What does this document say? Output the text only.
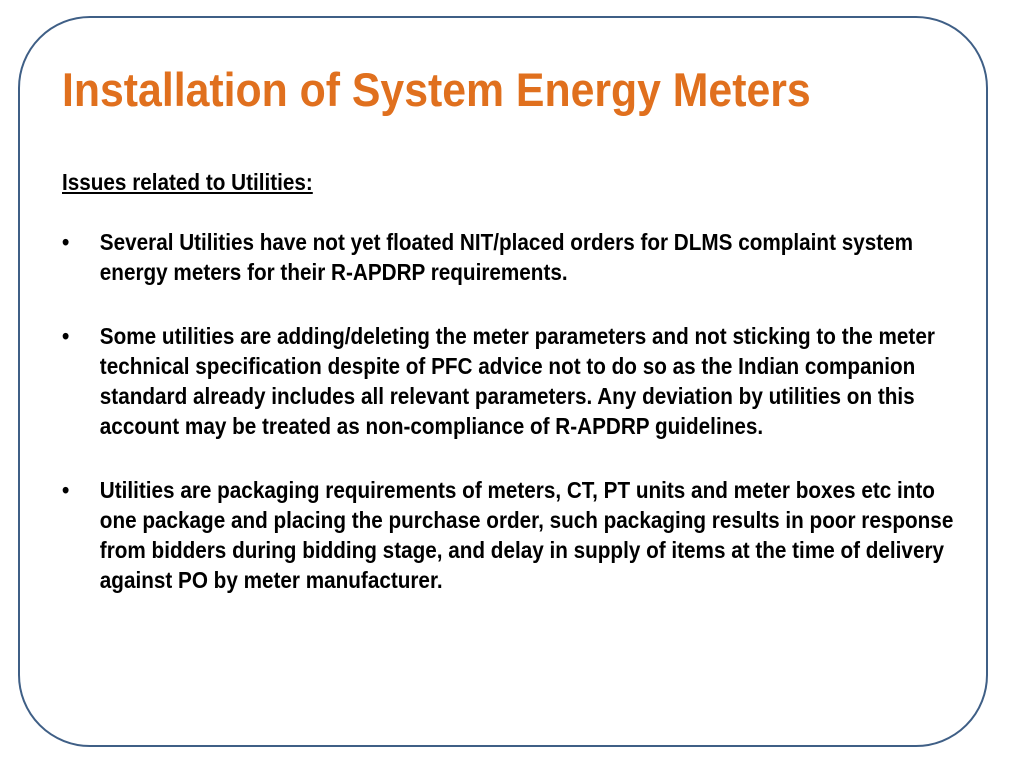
Installation of System Energy Meters

Issues related to Utilities:

• Several Utilities have not yet floated NIT/placed orders for DLMS complaint system energy meters for their R-APDRP requirements.
• Some utilities are adding/deleting the meter parameters and not sticking to the meter technical specification despite of PFC advice not to do so as the Indian companion standard already includes all relevant parameters. Any deviation by utilities on this account may be treated as non-compliance of R-APDRP guidelines.
• Utilities are packaging requirements of meters, CT, PT units and meter boxes etc into one package and placing the purchase order, such packaging results in poor response from bidders during bidding stage, and delay in supply of items at the time of delivery against PO by meter manufacturer.
